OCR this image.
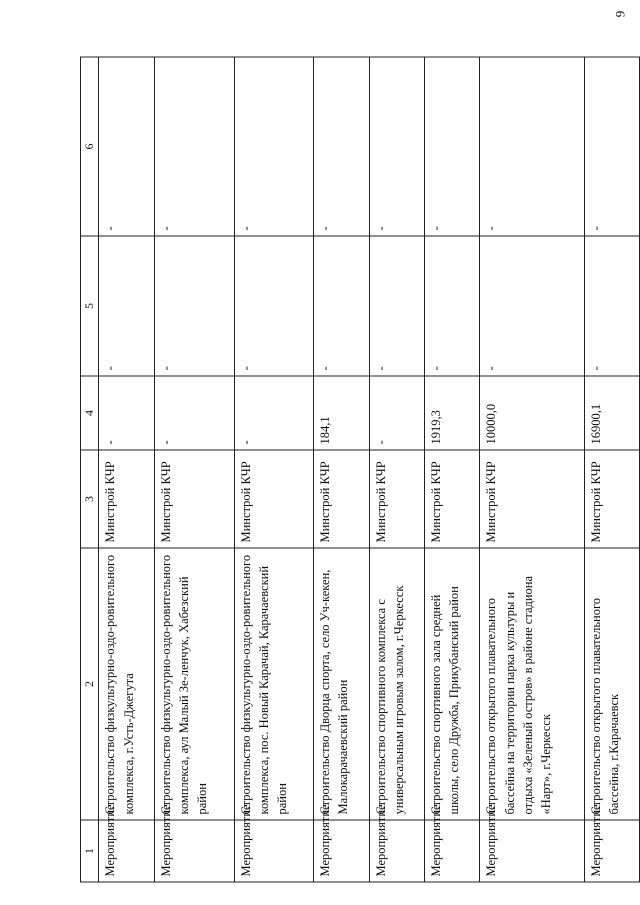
9
1	2	3	4	5	6
Мероприятие	Строительство физкультурно-оздо-ровительного комплекса, г.Усть-Джегута	Минстрой КЧР	-	-	-
Мероприятие	Строительство физкультурно-оздо-ровительного комплекса, аул Малый Зе-ленчук, Хабезский район	Минстрой КЧР	-	-	-
Мероприятие	Строительство физкультурно-оздо-ровительного комплекса, пос. Новый Карачай, Карачаевский район	Минстрой КЧР	-	-	-
Мероприятие	Строительство Дворца спорта, село Уч-кекен, Малокарачаевский район	Минстрой КЧР	184,1	-	-
Мероприятие	Строительство спортивного комплекса с универсальным игровым залом, г.Черкесск	Минстрой КЧР	-	-	-
Мероприятие	Строительство спортивного зала средней школы, село Дружба, Прикубанский район	Минстрой КЧР	1919,3	-	-
Мероприятие	Строительство открытого плавательного бассейна на территории парка культуры и отдыха «Зеленый остров» в районе стадиона «Нарт», г.Черкесск	Минстрой КЧР	10000,0	-	-
Мероприятие	Строительство открытого плавательного бассейна, г.Карачаевск	Минстрой КЧР	16900,1	-	-
